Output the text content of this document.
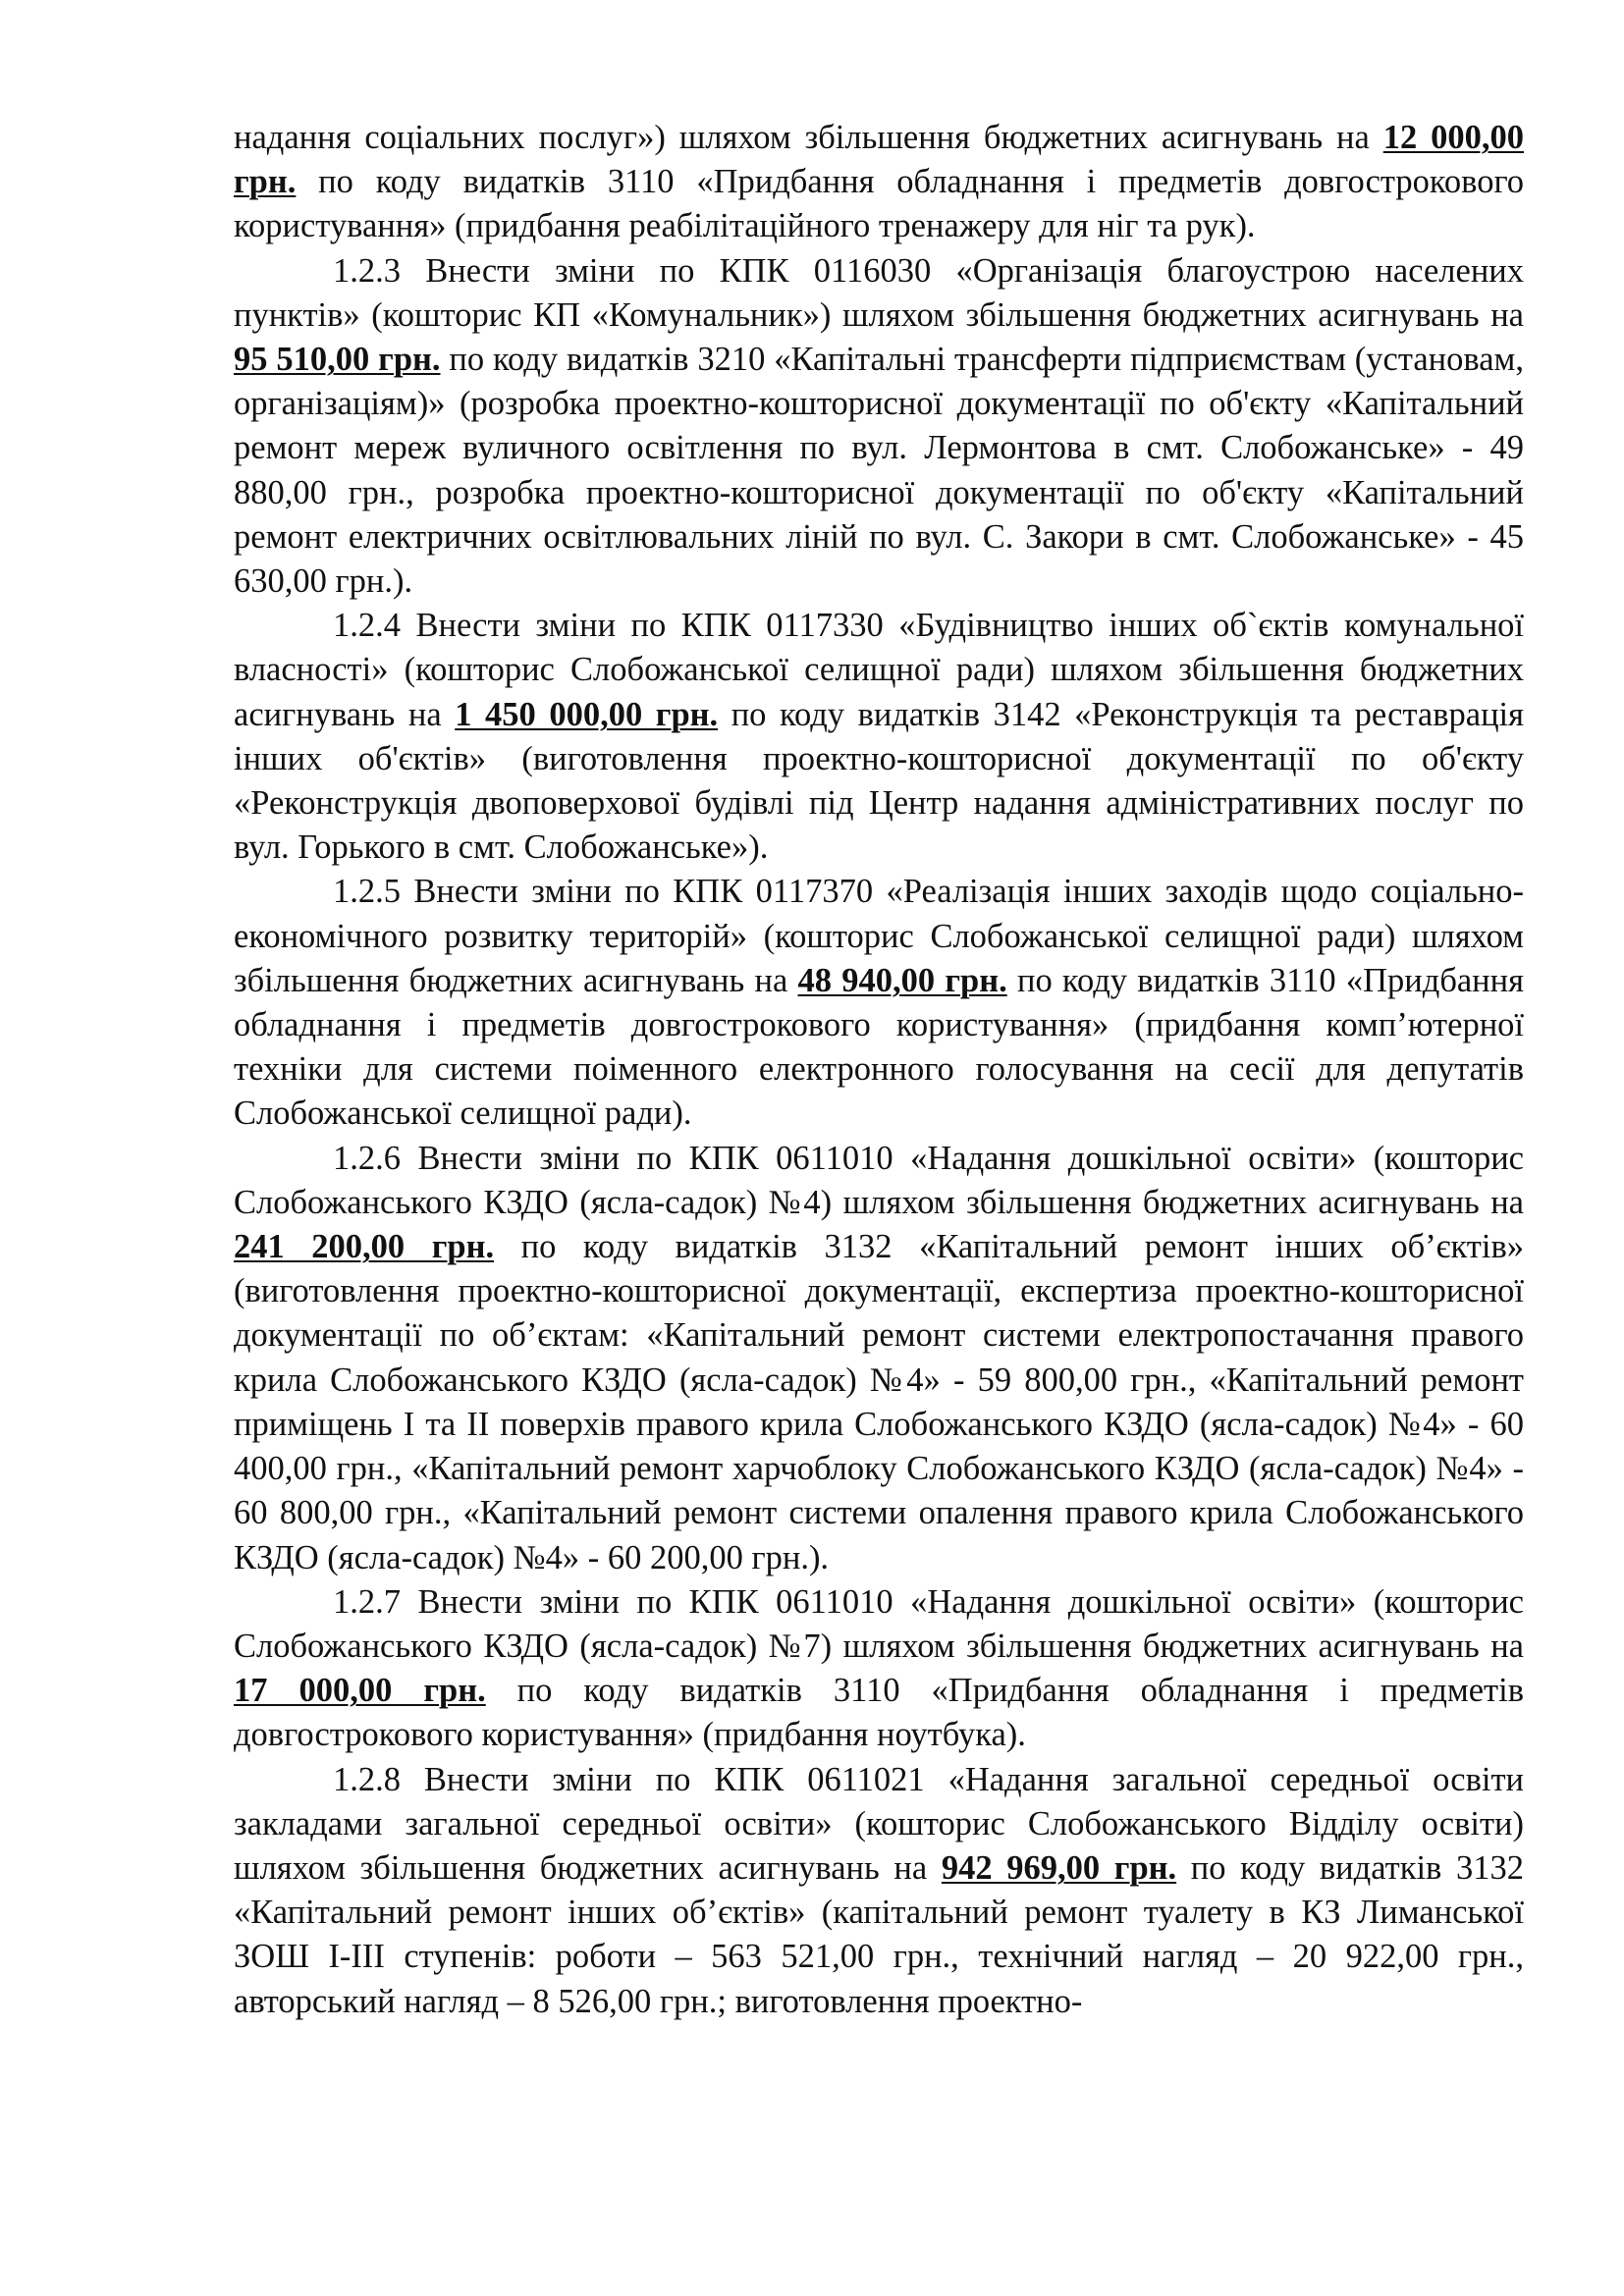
надання соціальних послуг») шляхом збільшення бюджетних асигнувань на 12 000,00 грн. по коду видатків 3110 «Придбання обладнання і предметів довгострокового користування» (придбання реабілітаційного тренажеру для ніг та рук).

1.2.3 Внести зміни по КПК 0116030 «Організація благоустрою населених пунктів» (кошторис КП «Комунальник») шляхом збільшення бюджетних асигнувань на 95 510,00 грн. по коду видатків 3210 «Капітальні трансферти підприємствам (установам, організаціям)» (розробка проектно-кошторисної документації по об'єкту «Капітальний ремонт мереж вуличного освітлення по вул. Лермонтова в смт. Слобожанське» - 49 880,00 грн., розробка проектно-кошторисної документації по об'єкту «Капітальний ремонт електричних освітлювальних ліній по вул. С. Закори в смт. Слобожанське» - 45 630,00 грн.).

1.2.4 Внести зміни по КПК 0117330 «Будівництво інших об`єктів комунальної власності» (кошторис Слобожанської селищної ради) шляхом збільшення бюджетних асигнувань на 1 450 000,00 грн. по коду видатків 3142 «Реконструкція та реставрація інших об'єктів» (виготовлення проектно-кошторисної документації по об'єкту «Реконструкція двоповерхової будівлі під Центр надання адміністративних послуг по вул. Горького в смт. Слобожанське»).

1.2.5 Внести зміни по КПК 0117370 «Реалізація інших заходів щодо соціально-економічного розвитку територій» (кошторис Слобожанської селищної ради) шляхом збільшення бюджетних асигнувань на 48 940,00 грн. по коду видатків 3110 «Придбання обладнання і предметів довгострокового користування» (придбання комп’ютерної техніки для системи поіменного електронного голосування на сесії для депутатів Слобожанської селищної ради).

1.2.6 Внести зміни по КПК 0611010 «Надання дошкільної освіти» (кошторис Слобожанського КЗДО (ясла-садок) №4) шляхом збільшення бюджетних асигнувань на 241 200,00 грн. по коду видатків 3132 «Капітальний ремонт інших об’єктів» (виготовлення проектно-кошторисної документації, експертиза проектно-кошторисної документації по об’єктам: «Капітальний ремонт системи електропостачання правого крила Слобожанського КЗДО (ясла-садок) №4» - 59 800,00 грн., «Капітальний ремонт приміщень І та ІІ поверхів правого крила Слобожанського КЗДО (ясла-садок) №4» - 60 400,00 грн., «Капітальний ремонт харчоблоку Слобожанського КЗДО (ясла-садок) №4» - 60 800,00 грн., «Капітальний ремонт системи опалення правого крила Слобожанського КЗДО (ясла-садок) №4» - 60 200,00 грн.).

1.2.7 Внести зміни по КПК 0611010 «Надання дошкільної освіти» (кошторис Слобожанського КЗДО (ясла-садок) №7) шляхом збільшення бюджетних асигнувань на 17 000,00 грн. по коду видатків 3110 «Придбання обладнання і предметів довгострокового користування» (придбання ноутбука).

1.2.8 Внести зміни по КПК 0611021 «Надання загальної середньої освіти закладами загальної середньої освіти» (кошторис Слобожанського Відділу освіти) шляхом збільшення бюджетних асигнувань на 942 969,00 грн. по коду видатків 3132 «Капітальний ремонт інших об’єктів» (капітальний ремонт туалету в КЗ Лиманської ЗОШ І-ІІІ ступенів: роботи – 563 521,00 грн., технічний нагляд – 20 922,00 грн., авторський нагляд – 8 526,00 грн.; виготовлення проектно-
